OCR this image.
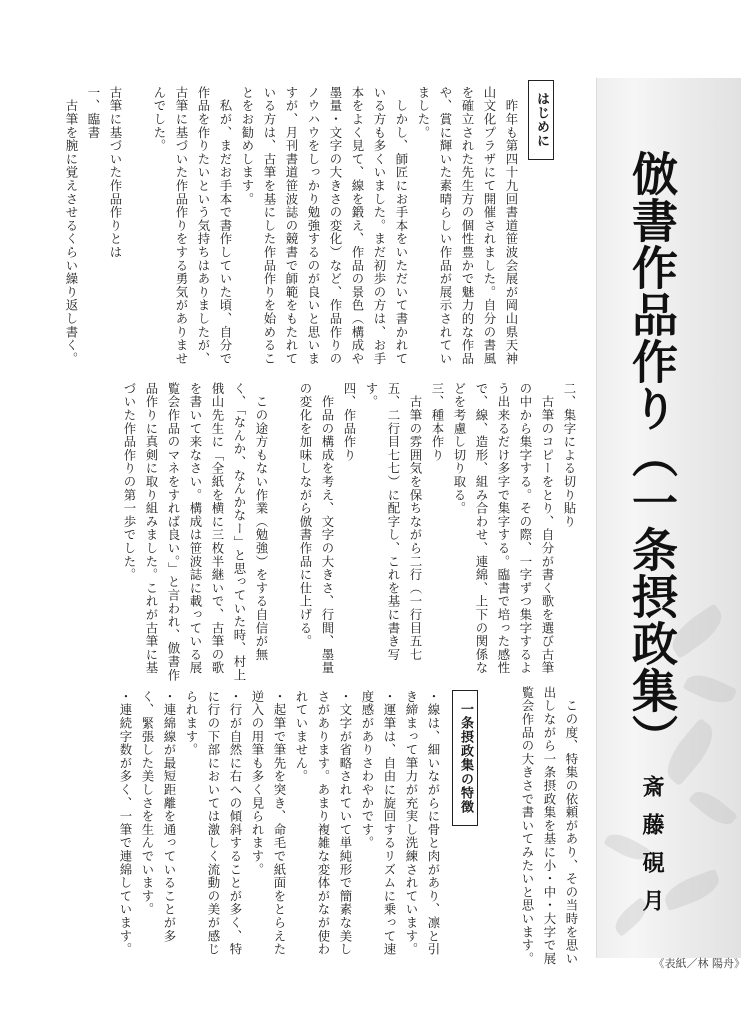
倣書作品作り（一条摂政集）
斎藤硯月
《表紙／林 陽舟》
はじめに

　昨年も第四十九回書道笹波会展が岡山県天神山文化プラザにて開催されました。自分の書風を確立された先生方の個性豊かで魅力的な作品や、賞に輝いた素晴らしい作品が展示されていました。
　しかし、師匠にお手本をいただいて書かれている方も多くいました。まだ初歩の方は、お手本をよく見て、線を鍛え、作品の景色（構成や墨量・文字の大きさの変化）など、作品作りのノウハウをしっかり勉強するのが良いと思いますが、月刊書道笹波誌の競書で師範をもたれている方は、古筆を基にした作品作りを始めることをお勧めします。
　私が、まだお手本で書作していた頃、自分で作品を作りたいという気持ちはありましたが、古筆に基づいた作品作りをする勇気がありませんでした。

古筆に基づいた作品作りとは
一、臨書
　古筆を腕に覚えさせるくらい繰り返し書く。

二、集字による切り貼り
　古筆のコピーをとり、自分が書く歌を選び古筆の中から集字する。その際、一字ずつ集字するよう出来るだけ多字で集字する。臨書で培った感性で、線、造形、組み合わせ、連綿、上下の関係などを考慮し切り取る。
三、種本作り
　古筆の雰囲気を保ちながら二行（一行目五七五、二行目七七）に配字し、これを基に書き写す。
四、作品作り
　作品の構成を考え、文字の大きさ、行間、墨量の変化を加味しながら倣書作品に仕上げる。

　この途方もない作業（勉強）をする自信が無く、「なんか、なんかなー」と思っていた時、村上俄山先生に「全紙を横に三枚半継いで、古筆の歌を書いて来なさい。構成は笹波誌に載っている展覧会作品のマネをすれば良い。」と言われ、倣書作品作りに真剣に取り組みました。これが古筆に基づいた作品作りの第一歩でした。

　この度、特集の依頼があり、その当時を思い出しながら一条摂政集を基に小・中・大字で展覧会作品の大きさで書いてみたいと思います。

一条摂政集の特徴

・線は、細いながらに骨と肉があり、凛と引き締まって筆力が充実し洗練されています。

・運筆は、自由に旋回するリズムに乗って速度感がありさわやかです。

・文字が省略されていて単純形で簡素な美しさがあります。あまり複雑な変体がなが使われていません。

・起筆で筆先を突き、命毛で紙面をとらえた逆入の用筆も多く見られます。

・行が自然に右への傾斜することが多く、特に行の下部においては激しく流動の美が感じられます。

・連綿線が最短距離を通っていることが多く、緊張した美しさを生んでいます。

・連続字数が多く、一筆で連綿しています。
